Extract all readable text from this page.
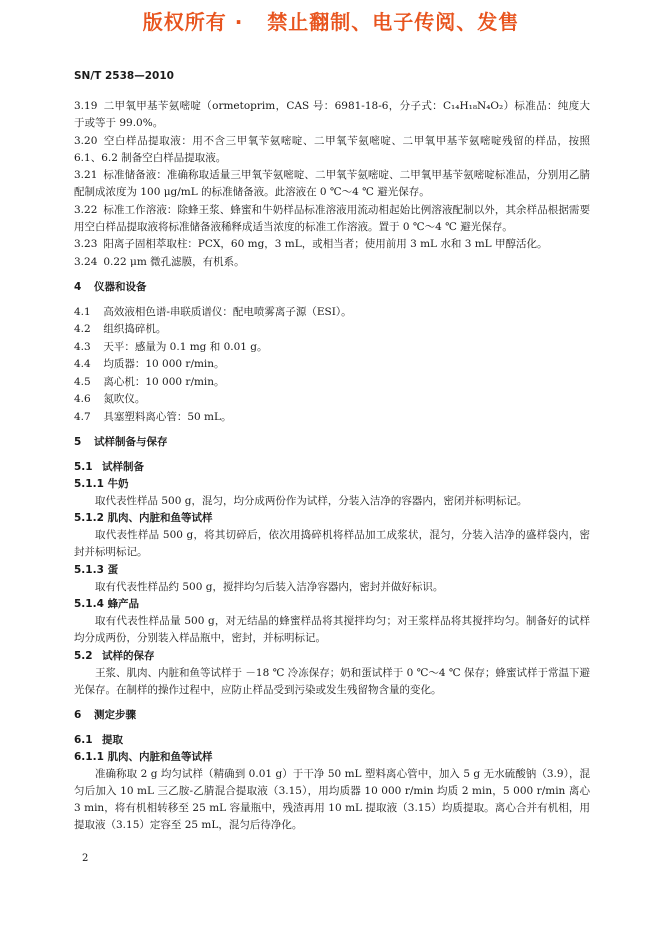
版权所有 ·   禁止翻制、电子传阅、发售
SN/T 2538—2010
3.19 二甲氧甲基苄氨嘧啶（ormetoprim，CAS 号：6981-18-6，分子式：C₁₄H₁₈N₄O₂）标准品：纯度大于或等于 99.0%。
3.20 空白样品提取液：用不含三甲氧苄氨嘧啶、二甲氧苄氨嘧啶、二甲氧甲基苄氨嘧啶残留的样品，按照 6.1、6.2 制备空白样品提取液。
3.21 标准储备液：准确称取适量三甲氧苄氨嘧啶、二甲氧苄氨嘧啶、二甲氧甲基苄氨嘧啶标准品，分别用乙腈配制成浓度为 100 μg/mL 的标准储备液。此溶液在 0 ℃～4 ℃ 避光保存。
3.22 标准工作溶液：除蜂王浆、蜂蜜和牛奶样品标准溶液用流动相起始比例溶液配制以外，其余样品根据需要用空白样品提取液将标准储备液稀释成适当浓度的标准工作溶液。置于 0 ℃～4 ℃ 避光保存。
3.23 阳离子固相萃取柱：PCX，60 mg，3 mL，或相当者；使用前用 3 mL 水和 3 mL 甲醇活化。
3.24 0.22 μm 微孔滤膜，有机系。
4 仪器和设备
4.1 高效液相色谱-串联质谱仪：配电喷雾离子源（ESI）。
4.2 组织捣碎机。
4.3 天平：感量为 0.1 mg 和 0.01 g。
4.4 均质器：10 000 r/min。
4.5 离心机：10 000 r/min。
4.6 氮吹仪。
4.7 具塞塑料离心管：50 mL。
5 试样制备与保存
5.1 试样制备
5.1.1 牛奶
取代表性样品 500 g，混匀，均分成两份作为试样，分装入洁净的容器内，密闭并标明标记。
5.1.2 肌肉、内脏和鱼等试样
取代表性样品 500 g，将其切碎后，依次用捣碎机将样品加工成浆状，混匀，分装入洁净的盛样袋内，密封并标明标记。
5.1.3 蛋
取有代表性样品约 500 g，搅拌均匀后装入洁净容器内，密封并做好标识。
5.1.4 蜂产品
取有代表性样品量 500 g，对无结晶的蜂蜜样品将其搅拌均匀；对王浆样品将其搅拌均匀。制备好的试样均分成两份，分别装入样品瓶中，密封，并标明标记。
5.2 试样的保存
王浆、肌肉、内脏和鱼等试样于 －18 ℃ 冷冻保存；奶和蛋试样于 0 ℃～4 ℃ 保存；蜂蜜试样于常温下避光保存。在制样的操作过程中，应防止样品受到污染或发生残留物含量的变化。
6 测定步骤
6.1 提取
6.1.1 肌肉、内脏和鱼等试样
准确称取 2 g 均匀试样（精确到 0.01 g）于干净 50 mL 塑料离心管中，加入 5 g 无水硫酸钠（3.9），混匀后加入 10 mL 三乙胺-乙腈混合提取液（3.15），用均质器 10 000 r/min 均质 2 min，5 000 r/min 离心 3 min，将有机相转移至 25 mL 容量瓶中，残渣再用 10 mL 提取液（3.15）均质提取。离心合并有机相，用提取液（3.15）定容至 25 mL，混匀后待净化。
2
